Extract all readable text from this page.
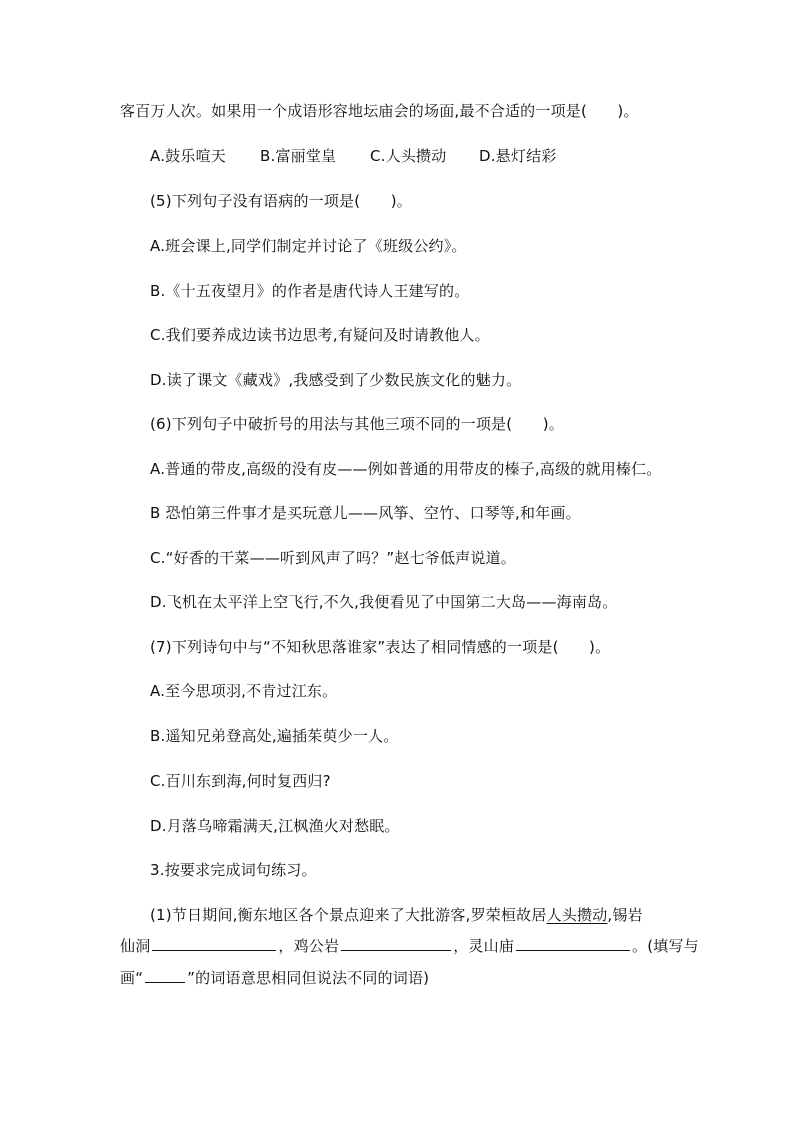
客百万人次。如果用一个成语形容地坛庙会的场面,最不合适的一项是(　　)。
A.鼓乐喧天 B.富丽堂皇 C.人头攒动 D.悬灯结彩
(5)下列句子没有语病的一项是(　　)。
A.班会课上,同学们制定并讨论了《班级公约》。
B.《十五夜望月》的作者是唐代诗人王建写的。
C.我们要养成边读书边思考,有疑问及时请教他人。
D.读了课文《藏戏》,我感受到了少数民族文化的魅力。
(6)下列句子中破折号的用法与其他三项不同的一项是(　　)。
A.普通的带皮,高级的没有皮——例如普通的用带皮的榛子,高级的就用榛仁。
B 恐怕第三件事才是买玩意儿——风筝、空竹、口琴等,和年画。
C.“好香的干菜——听到风声了吗？”赵七爷低声说道。
D.飞机在太平洋上空飞行,不久,我便看见了中国第二大岛——海南岛。
(7)下列诗句中与“不知秋思落谁家”表达了相同情感的一项是(　　)。
A.至今思项羽,不肯过江东。
B.遥知兄弟登高处,遍插茱萸少一人。
C.百川东到海,何时复西归?
D.月落乌啼霜满天,江枫渔火对愁眠。
3.按要求完成词句练习。
(1)节日期间,衡东地区各个景点迎来了大批游客,罗荣桓故居人头攒动,锡岩
仙洞	，鸡公岩	，灵山庙	。(填写与
画“	”的词语意思相同但说法不同的词语)
